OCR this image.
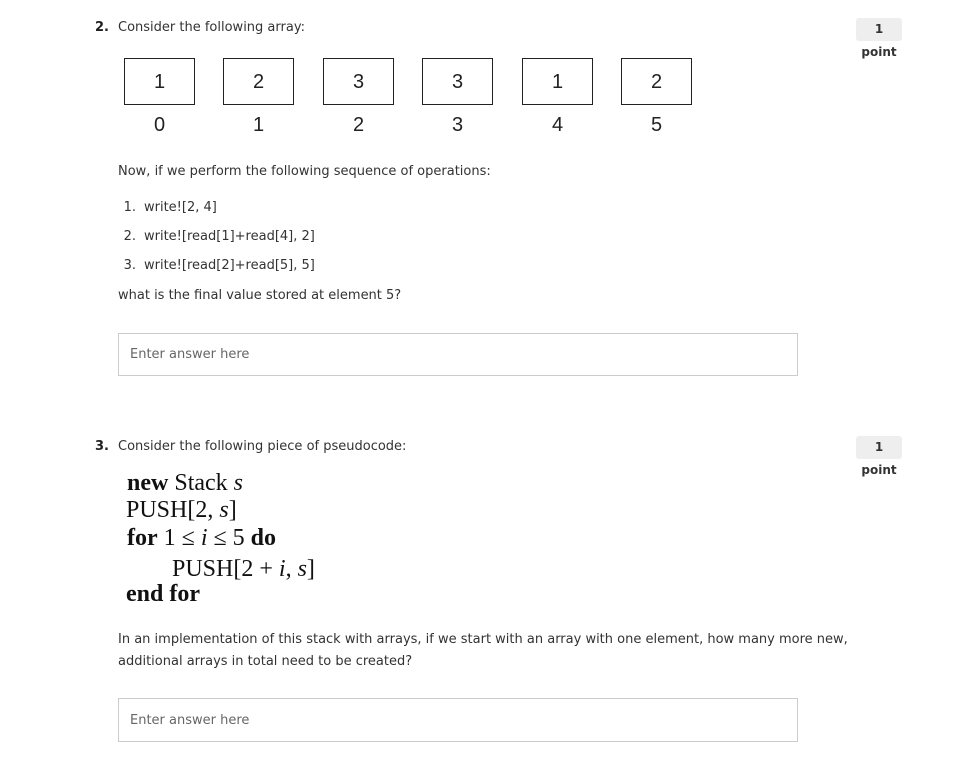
2. Consider the following array:	1 point
1	2	3	3	1	2
0	1	2	3	4	5
Now, if we perform the following sequence of operations:
1. write![2, 4]
2. write![read[1]+read[4], 2]
3. write![read[2]+read[5], 5]
what is the final value stored at element 5?
Enter answer here
3. Consider the following piece of pseudocode:	1 point
new Stack s
PUSH[2, s]
for 1 ≤ i ≤ 5 do
PUSH[2 + i, s]
end for
In an implementation of this stack with arrays, if we start with an array with one element, how many more new,
additional arrays in total need to be created?
Enter answer here
